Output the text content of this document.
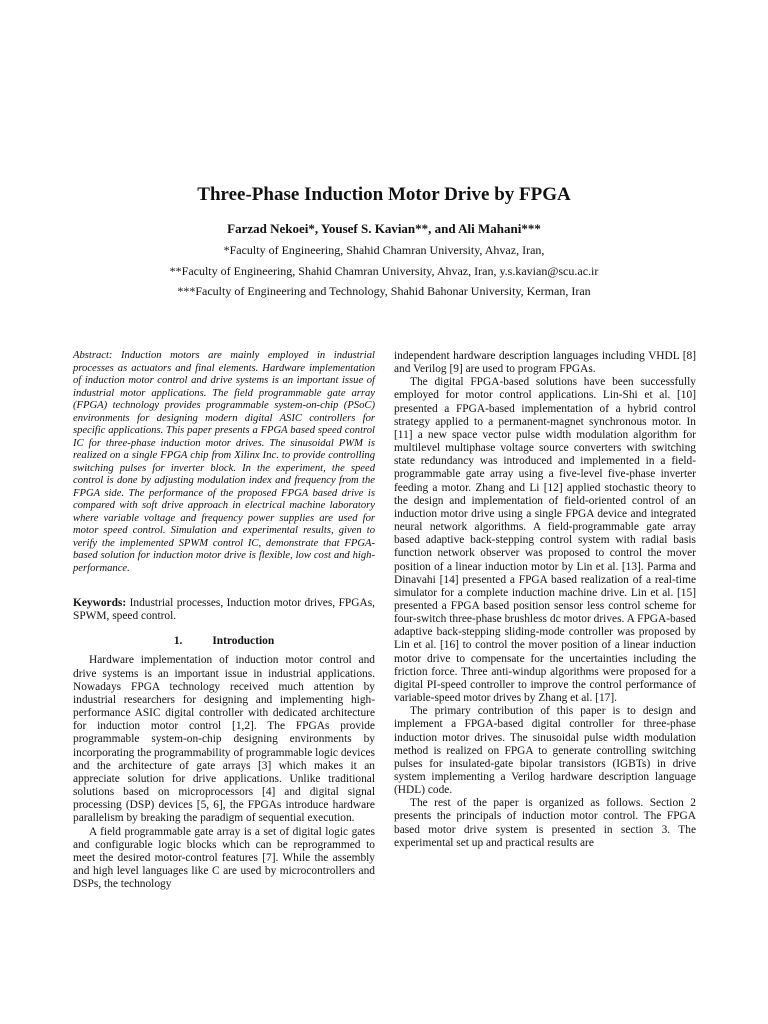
Three-Phase Induction Motor Drive by FPGA
Farzad Nekoei*, Yousef S. Kavian**, and Ali Mahani***
*Faculty of Engineering, Shahid Chamran University, Ahvaz, Iran,
**Faculty of Engineering, Shahid Chamran University, Ahvaz, Iran, y.s.kavian@scu.ac.ir
***Faculty of Engineering and Technology, Shahid Bahonar University, Kerman, Iran

Abstract: Induction motors are mainly employed in industrial processes as actuators and final elements. Hardware implementation of induction motor control and drive systems is an important issue of industrial motor applications. The field programmable gate array (FPGA) technology provides programmable system-on-chip (PSoC) environments for designing modern digital ASIC controllers for specific applications. This paper presents a FPGA based speed control IC for three-phase induction motor drives. The sinusoidal PWM is realized on a single FPGA chip from Xilinx Inc. to provide controlling switching pulses for inverter block. In the experiment, the speed control is done by adjusting modulation index and frequency from the FPGA side. The performance of the proposed FPGA based drive is compared with soft drive approach in electrical machine laboratory where variable voltage and frequency power supplies are used for motor speed control. Simulation and experimental results, given to verify the implemented SPWM control IC, demonstrate that FPGA-based solution for induction motor drive is flexible, low cost and high-performance.

Keywords: Industrial processes, Induction motor drives, FPGAs, SPWM, speed control.

1.	Introduction

Hardware implementation of induction motor control and drive systems is an important issue in industrial applications. Nowadays FPGA technology received much attention by industrial researchers for designing and implementing high-performance ASIC digital controller with dedicated architecture for induction motor control [1,2]. The FPGAs provide programmable system-on-chip designing environments by incorporating the programmability of programmable logic devices and the architecture of gate arrays [3] which makes it an appreciate solution for drive applications. Unlike traditional solutions based on microprocessors [4] and digital signal processing (DSP) devices [5, 6], the FPGAs introduce hardware parallelism by breaking the paradigm of sequential execution.

A field programmable gate array is a set of digital logic gates and configurable logic blocks which can be reprogrammed to meet the desired motor-control features [7]. While the assembly and high level languages like C are used by microcontrollers and DSPs, the technology

independent hardware description languages including VHDL [8] and Verilog [9] are used to program FPGAs.

The digital FPGA-based solutions have been successfully employed for motor control applications. Lin-Shi et al. [10] presented a FPGA-based implementation of a hybrid control strategy applied to a permanent-magnet synchronous motor. In [11] a new space vector pulse width modulation algorithm for multilevel multiphase voltage source converters with switching state redundancy was introduced and implemented in a field-programmable gate array using a five-level five-phase inverter feeding a motor. Zhang and Li [12] applied stochastic theory to the design and implementation of field-oriented control of an induction motor drive using a single FPGA device and integrated neural network algorithms. A field-programmable gate array based adaptive back-stepping control system with radial basis function network observer was proposed to control the mover position of a linear induction motor by Lin et al. [13]. Parma and Dinavahi [14] presented a FPGA based realization of a real-time simulator for a complete induction machine drive. Lin et al. [15] presented a FPGA based position sensor less control scheme for four-switch three-phase brushless dc motor drives. A FPGA-based adaptive back-stepping sliding-mode controller was proposed by Lin et al. [16] to control the mover position of a linear induction motor drive to compensate for the uncertainties including the friction force. Three anti-windup algorithms were proposed for a digital PI-speed controller to improve the control performance of variable-speed motor drives by Zhang et al. [17].

The primary contribution of this paper is to design and implement a FPGA-based digital controller for three-phase induction motor drives. The sinusoidal pulse width modulation method is realized on FPGA to generate controlling switching pulses for insulated-gate bipolar transistors (IGBTs) in drive system implementing a Verilog hardware description language (HDL) code.

The rest of the paper is organized as follows. Section 2 presents the principals of induction motor control. The FPGA based motor drive system is presented in section 3. The experimental set up and practical results are
